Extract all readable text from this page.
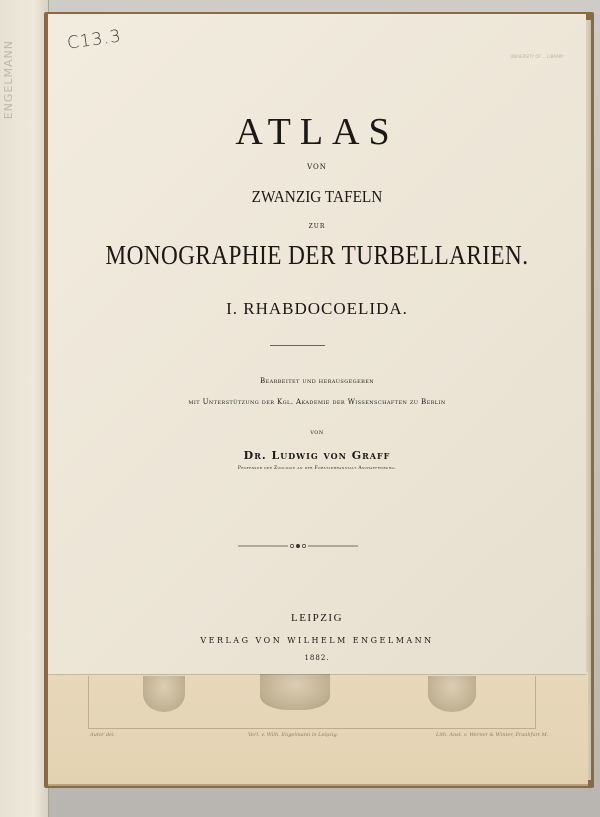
ENGELMANN
Autor del.	Verl. v. Wilh. Engelmann in Leipzig.	Lith. Anst. v. Werner & Winter, Frankfurt M.
C13.3
UNIVERSITY OF ... LIBRARY
ATLAS
VON
ZWANZIG TAFELN
ZUR
MONOGRAPHIE DER TURBELLARIEN.
I. RHABDOCOELIDA.
Bearbeitet und herausgegeben
mit Unterstützung der Kgl. Akademie der Wissenschaften zu Berlin
von
Dr. Ludwig von Graff
Professor der Zoologie an der Forstlehranstalt Aschaffenburg.
LEIPZIG
VERLAG VON WILHELM ENGELMANN
1882.
